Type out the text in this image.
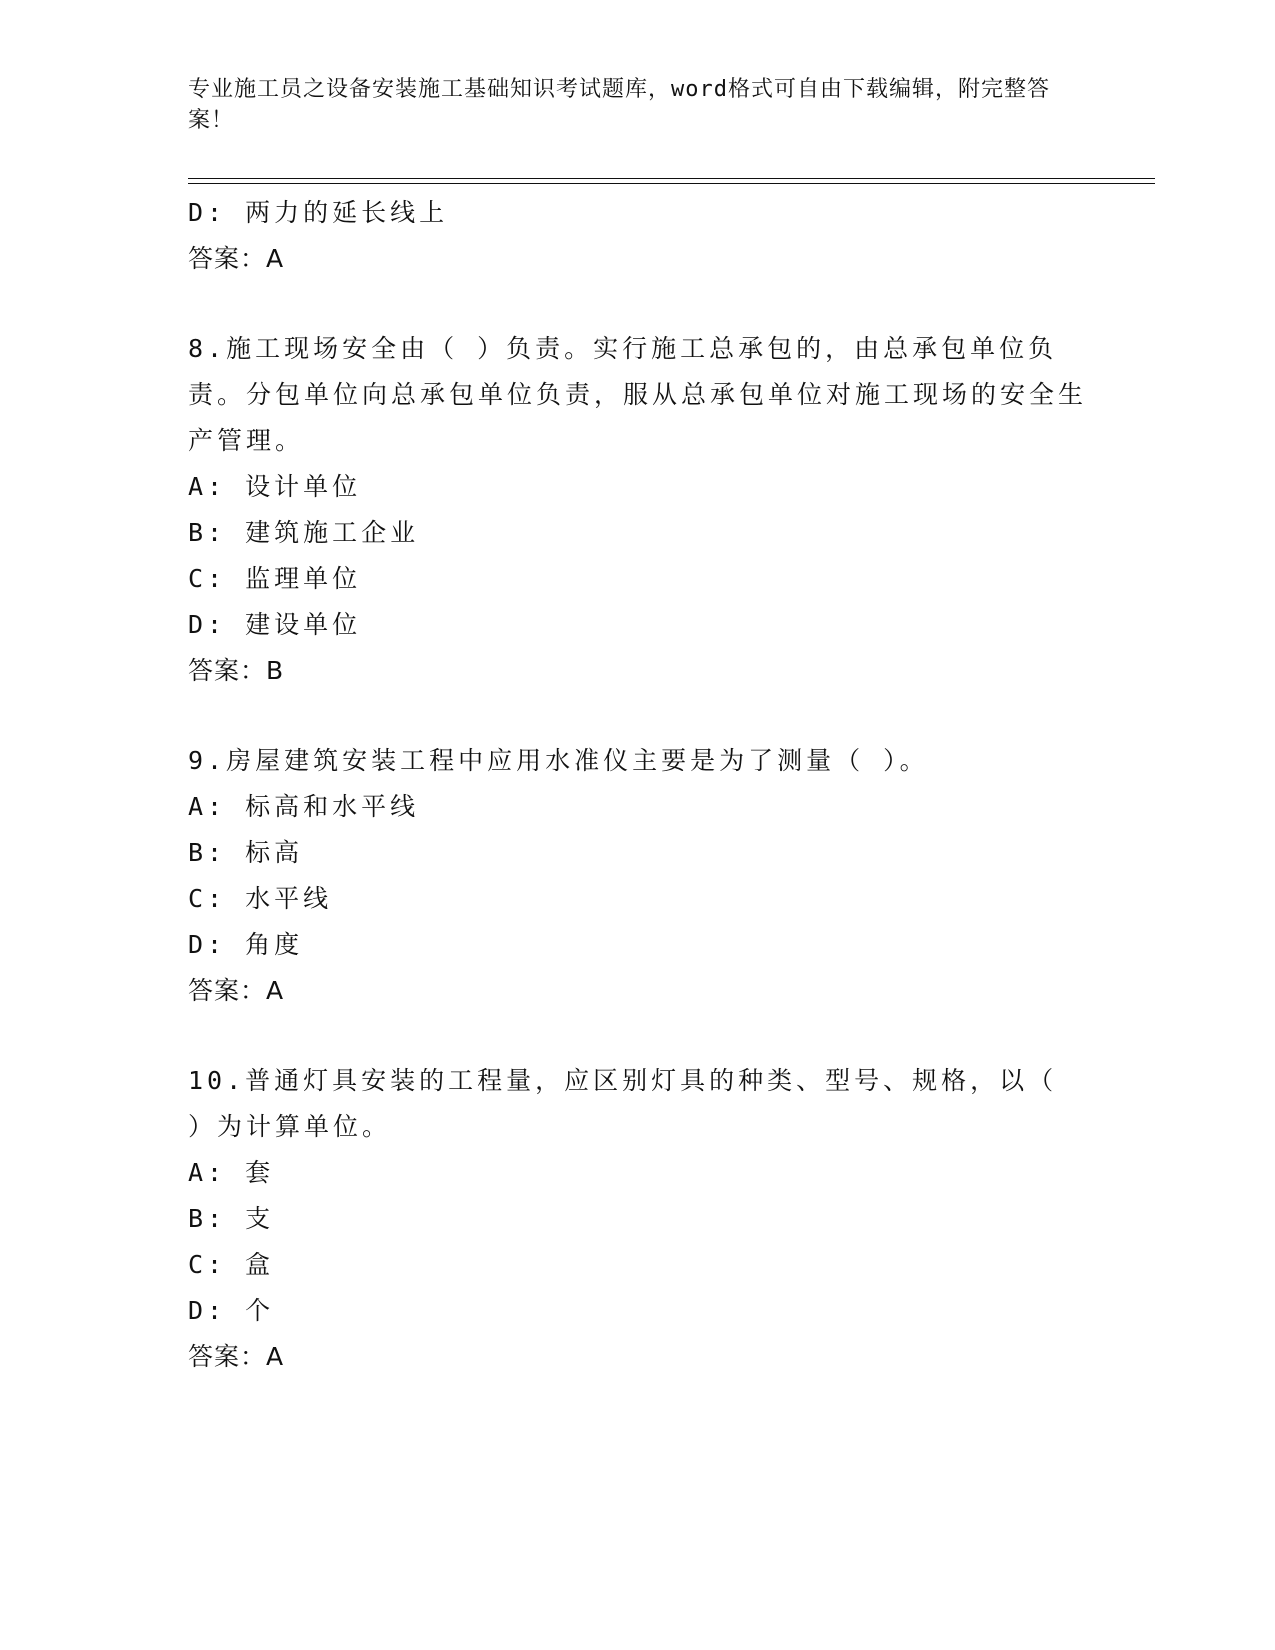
专业施工员之设备安装施工基础知识考试题库，word格式可自由下载编辑，附完整答案！
D: 两力的延长线上
答案：A
8.施工现场安全由（ ）负责。实行施工总承包的，由总承包单位负责。分包单位向总承包单位负责，服从总承包单位对施工现场的安全生产管理。
A: 设计单位
B: 建筑施工企业
C: 监理单位
D: 建设单位
答案：B
9.房屋建筑安装工程中应用水准仪主要是为了测量（ ）。
A: 标高和水平线
B: 标高
C: 水平线
D: 角度
答案：A
10.普通灯具安装的工程量，应区别灯具的种类、型号、规格，以（ ）为计算单位。
A: 套
B: 支
C: 盒
D: 个
答案：A
